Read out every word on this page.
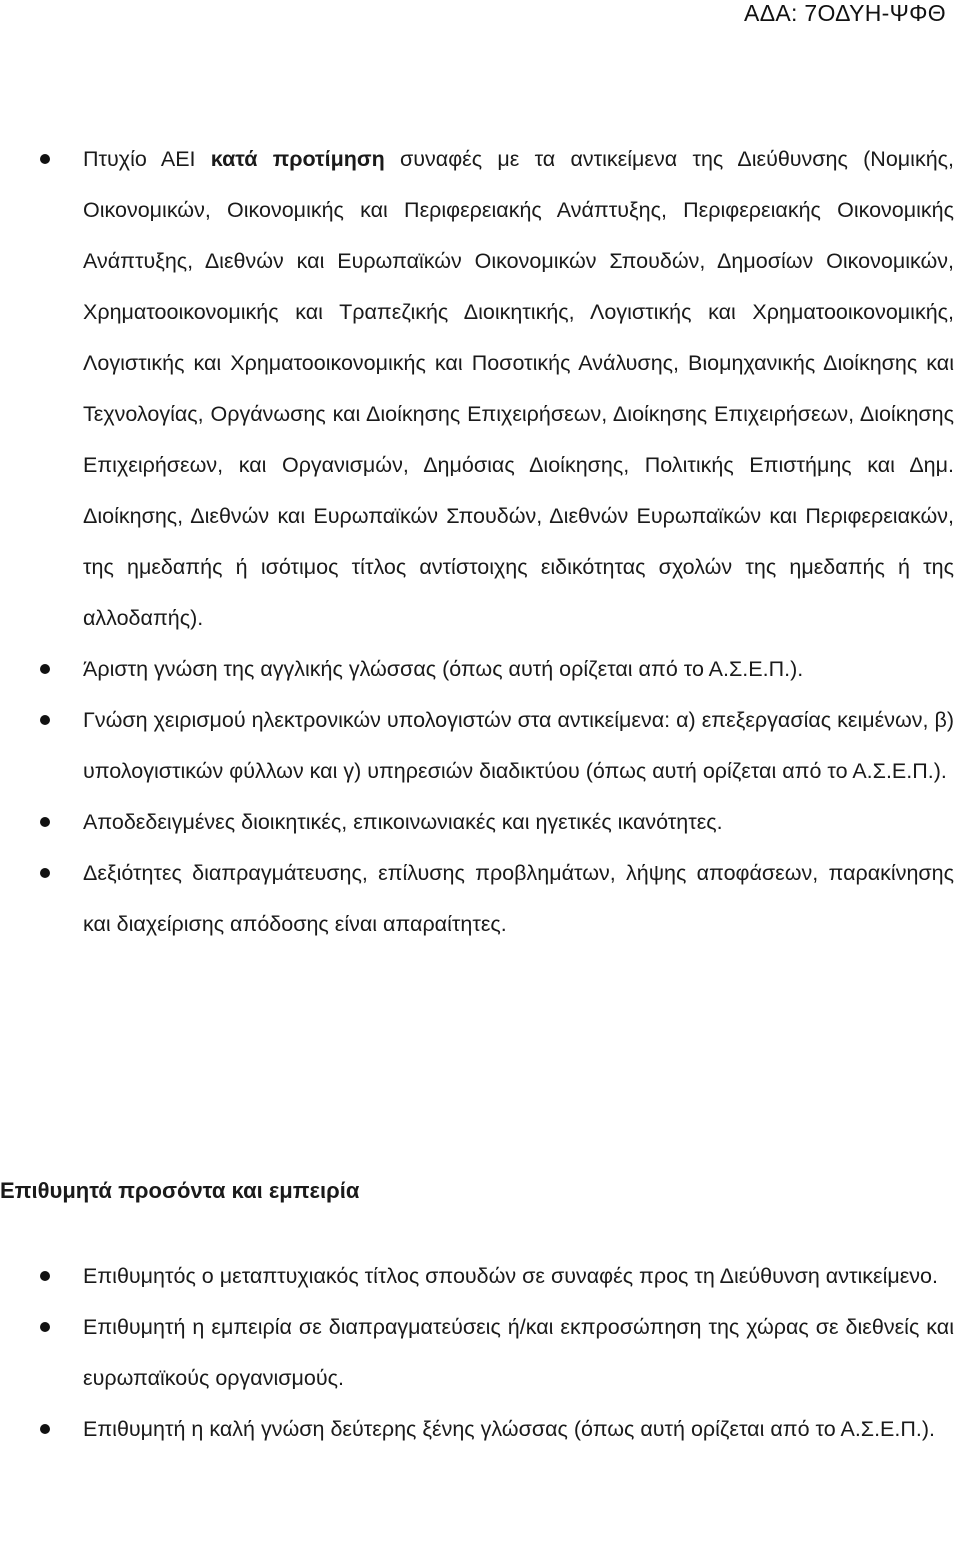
ΑΔΑ: 7ΟΔΥΗ-ΨΦΘ
Πτυχίο ΑΕΙ κατά προτίμηση συναφές με τα αντικείμενα της Διεύθυνσης (Νομικής, Οικονομικών, Οικονομικής και Περιφερειακής Ανάπτυξης, Περιφερειακής Οικονομικής Ανάπτυξης, Διεθνών και Ευρωπαϊκών Οικονομικών Σπουδών, Δημοσίων Οικονομικών, Χρηματοοικονομικής και Τραπεζικής Διοικητικής, Λογιστικής και Χρηματοοικονομικής, Λογιστικής και Χρηματοοικονομικής και Ποσοτικής Ανάλυσης, Βιομηχανικής Διοίκησης και Τεχνολογίας, Οργάνωσης και Διοίκησης Επιχειρήσεων, Διοίκησης Επιχειρήσεων, Διοίκησης Επιχειρήσεων, και Οργανισμών, Δημόσιας Διοίκησης, Πολιτικής Επιστήμης και Δημ. Διοίκησης, Διεθνών και Ευρωπαϊκών Σπουδών, Διεθνών Ευρωπαϊκών και Περιφερειακών, της ημεδαπής ή ισότιμος τίτλος αντίστοιχης ειδικότητας σχολών της ημεδαπής ή της αλλοδαπής).
Άριστη γνώση της αγγλικής γλώσσας (όπως αυτή ορίζεται από το Α.Σ.Ε.Π.).
Γνώση χειρισμού ηλεκτρονικών υπολογιστών στα αντικείμενα: α) επεξεργασίας κειμένων, β) υπολογιστικών φύλλων και γ) υπηρεσιών διαδικτύου (όπως αυτή ορίζεται από το Α.Σ.Ε.Π.).
Αποδεδειγμένες διοικητικές, επικοινωνιακές και ηγετικές ικανότητες.
Δεξιότητες διαπραγμάτευσης, επίλυσης προβλημάτων, λήψης αποφάσεων, παρακίνησης και διαχείρισης απόδοσης είναι απαραίτητες.
Επιθυμητά προσόντα και εμπειρία
Επιθυμητός ο μεταπτυχιακός τίτλος σπουδών σε συναφές προς τη Διεύθυνση αντικείμενο.
Επιθυμητή η εμπειρία σε διαπραγματεύσεις ή/και εκπροσώπηση της χώρας σε διεθνείς και ευρωπαϊκούς οργανισμούς.
Επιθυμητή η καλή γνώση δεύτερης ξένης γλώσσας (όπως αυτή ορίζεται από το Α.Σ.Ε.Π.).
